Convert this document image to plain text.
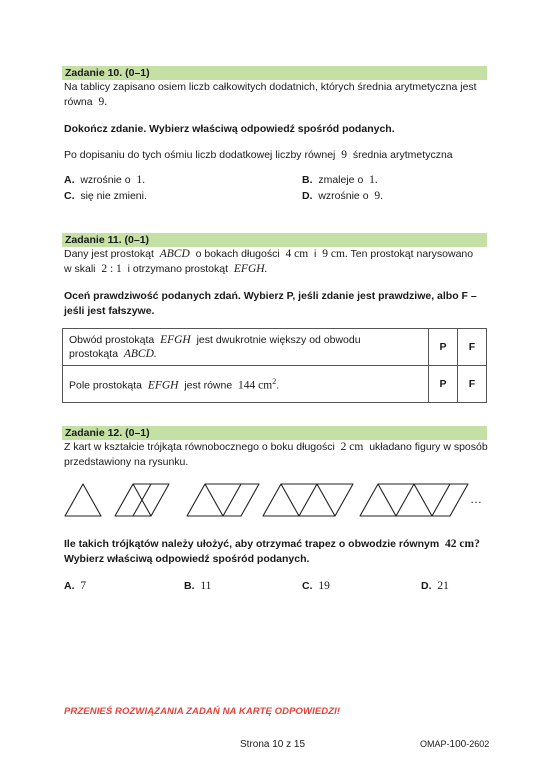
Zadanie 10. (0–1)
Na tablicy zapisano osiem liczb całkowitych dodatnich, których średnia arytmetyczna jest
równa 9.
Dokończ zdanie. Wybierz właściwą odpowiedź spośród podanych.
Po dopisaniu do tych ośmiu liczb dodatkowej liczby równej 9 średnia arytmetyczna
A. wzrośnie o 1.	B. zmaleje o 1.
C. się nie zmieni.	D. wzrośnie o 9.
Zadanie 11. (0–1)
Dany jest prostokąt ABCD o bokach długości 4 cm i 9 cm. Ten prostokąt narysowano
w skali 2 : 1 i otrzymano prostokąt EFGH.
Oceń prawdziwość podanych zdań. Wybierz P, jeśli zdanie jest prawdziwe, albo F –
jeśli jest fałszywe.
Obwód prostokąta EFGH jest dwukrotnie większy od obwodu
prostokąta ABCD.	P	F
Pole prostokąta EFGH jest równe 144 $cm^2$.	P	F
Zadanie 12. (0–1)
Z kart w kształcie trójkąta równobocznego o boku długości 2 cm układano figury w sposób
przedstawiony na rysunku.
…
Ile takich trójkątów należy ułożyć, aby otrzymać trapez o obwodzie równym 42 cm?
Wybierz właściwą odpowiedź spośród podanych.
A. 7	B. 11	C. 19	D. 21
PRZENIEŚ ROZWIĄZANIA ZADAŃ NA KARTĘ ODPOWIEDZI!
Strona 10 z 15	OMAP-100-2602
